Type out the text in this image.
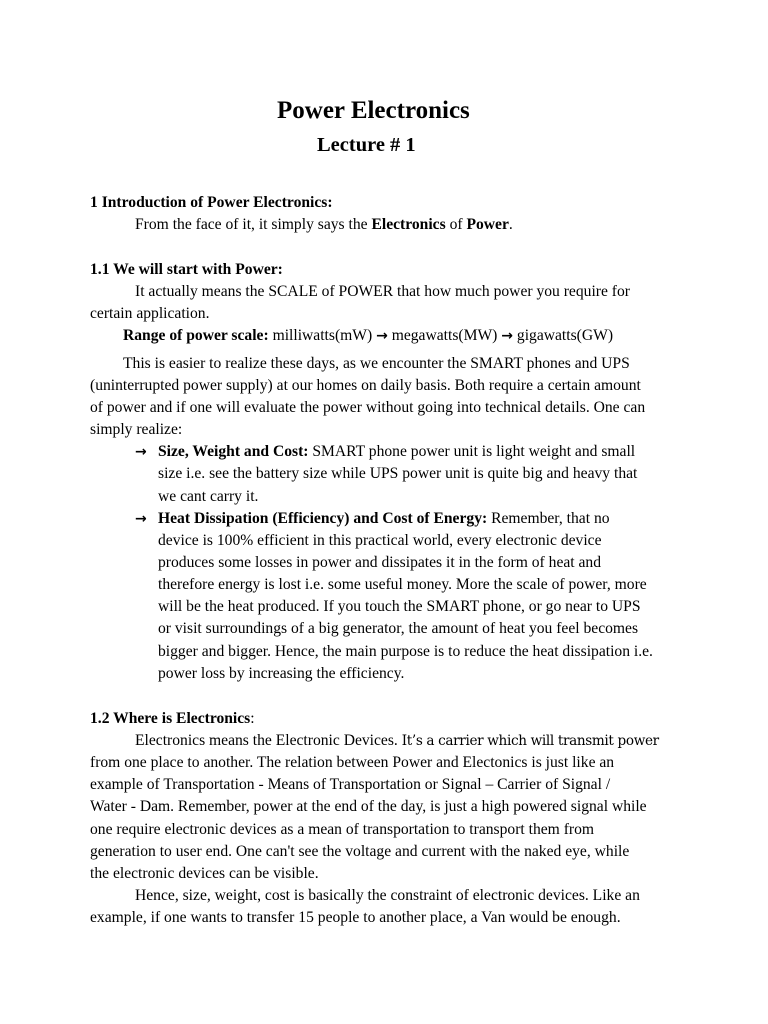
Power Electronics
Lecture # 1
1 Introduction of Power Electronics:
From the face of it, it simply says the Electronics of Power.
1.1 We will start with Power:
It actually means the SCALE of POWER that how much power you require for
certain application.
Range of power scale: milliwatts(mW) → megawatts(MW) → gigawatts(GW)
This is easier to realize these days, as we encounter the SMART phones and UPS
(uninterrupted power supply) at our homes on daily basis. Both require a certain amount
of power and if one will evaluate the power without going into technical details. One can
simply realize:
→ Size, Weight and Cost: SMART phone power unit is light weight and small
size i.e. see the battery size while UPS power unit is quite big and heavy that
we cant carry it.
→ Heat Dissipation (Efficiency) and Cost of Energy: Remember, that no
device is 100% efficient in this practical world, every electronic device
produces some losses in power and dissipates it in the form of heat and
therefore energy is lost i.e. some useful money. More the scale of power, more
will be the heat produced. If you touch the SMART phone, or go near to UPS
or visit surroundings of a big generator, the amount of heat you feel becomes
bigger and bigger. Hence, the main purpose is to reduce the heat dissipation i.e.
power loss by increasing the efficiency.
1.2 Where is Electronics:
Electronics means the Electronic Devices. It’s a carrier which will transmit power
from one place to another. The relation between Power and Electonics is just like an
example of Transportation - Means of Transportation or Signal – Carrier of Signal /
Water - Dam. Remember, power at the end of the day, is just a high powered signal while
one require electronic devices as a mean of transportation to transport them from
generation to user end. One can't see the voltage and current with the naked eye, while
the electronic devices can be visible.
Hence, size, weight, cost is basically the constraint of electronic devices. Like an
example, if one wants to transfer 15 people to another place, a Van would be enough.
